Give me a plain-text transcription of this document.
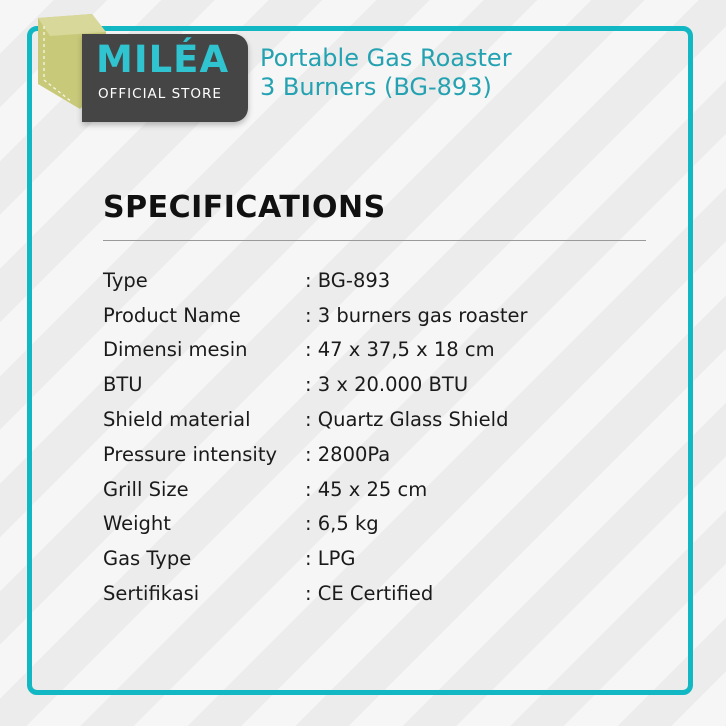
MILÉA
OFFICIAL STORE
Portable Gas Roaster
3 Burners (BG-893)
SPECIFICATIONS
Type	: BG-893
Product Name	: 3 burners gas roaster
Dimensi mesin	: 47 x 37,5 x 18 cm
BTU	: 3 x 20.000 BTU
Shield material	: Quartz Glass Shield
Pressure intensity	: 2800Pa
Grill Size	: 45 x 25 cm
Weight	: 6,5 kg
Gas Type	: LPG
Sertifikasi	: CE Certified
